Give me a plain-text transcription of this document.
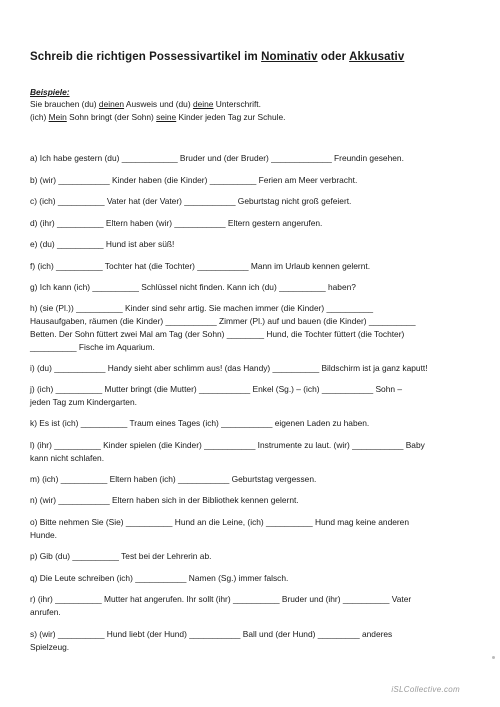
Schreib die richtigen Possessivartikel im Nominativ oder Akkusativ
Beispiele:
Sie brauchen (du) deinen Ausweis und (du) deine Unterschrift.
(ich) Mein Sohn bringt (der Sohn) seine Kinder jeden Tag zur Schule.
a) Ich habe gestern (du) ____________ Bruder und (der Bruder) _____________ Freundin gesehen.
b) (wir) ___________ Kinder haben (die Kinder) __________ Ferien am Meer verbracht.
c) (ich) __________ Vater hat (der Vater) ___________ Geburtstag nicht groß gefeiert.
d) (ihr) __________ Eltern haben (wir) ___________ Eltern gestern angerufen.
e) (du) __________ Hund ist aber süß!
f) (ich) __________ Tochter hat (die Tochter) ___________ Mann im Urlaub kennen gelernt.
g) Ich kann (ich) __________ Schlüssel nicht finden. Kann ich (du) __________ haben?
h) (sie (Pl.)) __________ Kinder sind sehr artig. Sie machen immer (die Kinder) __________
Hausaufgaben, räumen (die Kinder) ___________ Zimmer (Pl.) auf und bauen (die Kinder) __________
Betten. Der Sohn füttert zwei Mal am Tag (der Sohn) ________ Hund, die Tochter füttert (die Tochter)
__________ Fische im Aquarium.
i) (du) ___________ Handy sieht aber schlimm aus! (das Handy) __________ Bildschirm ist ja ganz kaputt!
j) (ich) __________ Mutter bringt (die Mutter) ___________ Enkel (Sg.) – (ich) ___________ Sohn –
jeden Tag zum Kindergarten.
k) Es ist (ich) __________ Traum eines Tages (ich) ___________ eigenen Laden zu haben.
l) (ihr) __________ Kinder spielen (die Kinder) ___________ Instrumente zu laut. (wir) ___________ Baby
kann nicht schlafen.
m) (ich) __________ Eltern haben (ich) ___________ Geburtstag vergessen.
n) (wir) ___________ Eltern haben sich in der Bibliothek kennen gelernt.
o) Bitte nehmen Sie (Sie) __________ Hund an die Leine, (ich) __________ Hund mag keine anderen
Hunde.
p) Gib (du) __________ Test bei der Lehrerin ab.
q) Die Leute schreiben (ich) ___________ Namen (Sg.) immer falsch.
r) (ihr) __________ Mutter hat angerufen. Ihr sollt (ihr) __________ Bruder und (ihr) __________ Vater
anrufen.
s) (wir) __________ Hund liebt (der Hund) ___________ Ball und (der Hund) _________ anderes
Spielzeug.
iSLCollective.com
